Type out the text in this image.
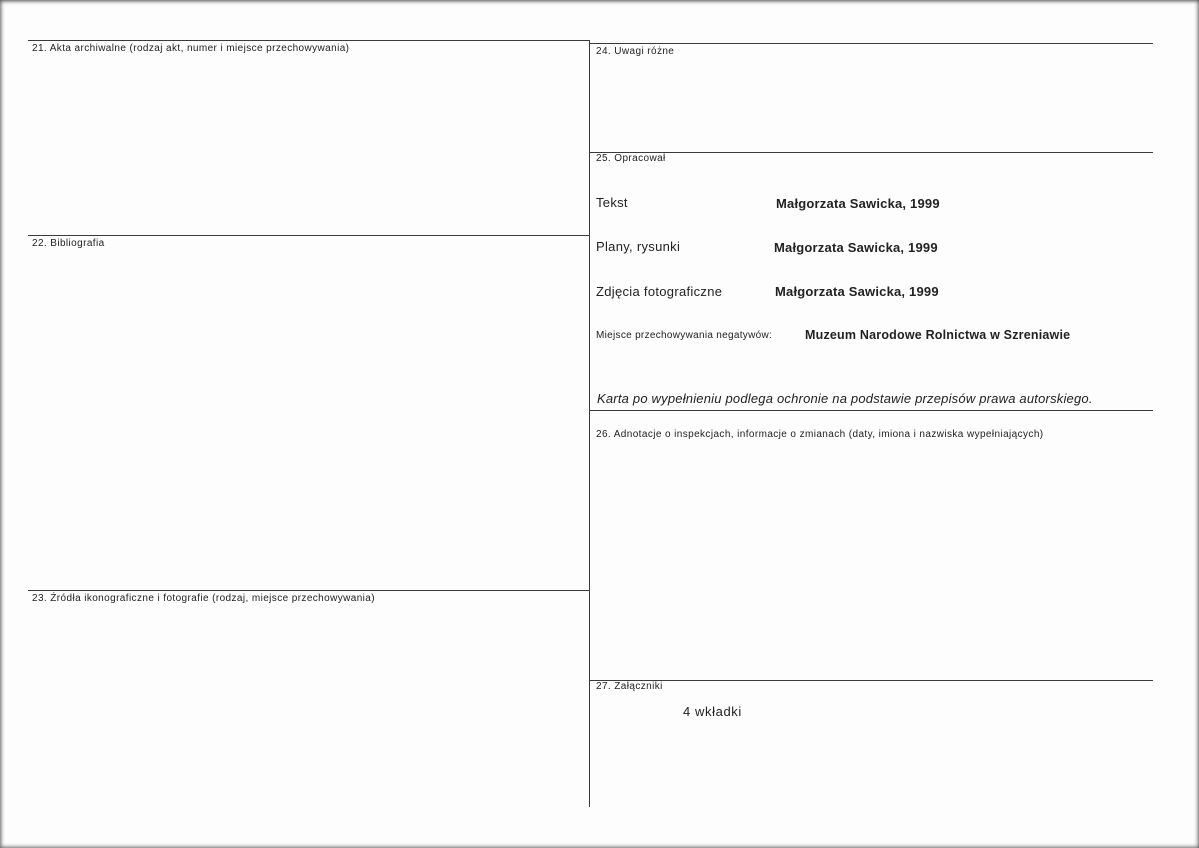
21. Akta archiwalne (rodzaj akt, numer i miejsce przechowywania)
22. Bibliografia
23. Źródła ikonograficzne i fotografie (rodzaj, miejsce przechowywania)
24. Uwagi różne
25. Opracował
Tekst	Małgorzata Sawicka, 1999
Plany, rysunki	Małgorzata Sawicka, 1999
Zdjęcia fotograficzne	Małgorzata Sawicka, 1999
Miejsce przechowywania negatywów:	Muzeum Narodowe Rolnictwa w Szreniawie
Karta po wypełnieniu podlega ochronie na podstawie przepisów prawa autorskiego.
26. Adnotacje o inspekcjach, informacje o zmianach (daty, imiona i nazwiska wypełniających)
27. Załączniki
4 wkładki
